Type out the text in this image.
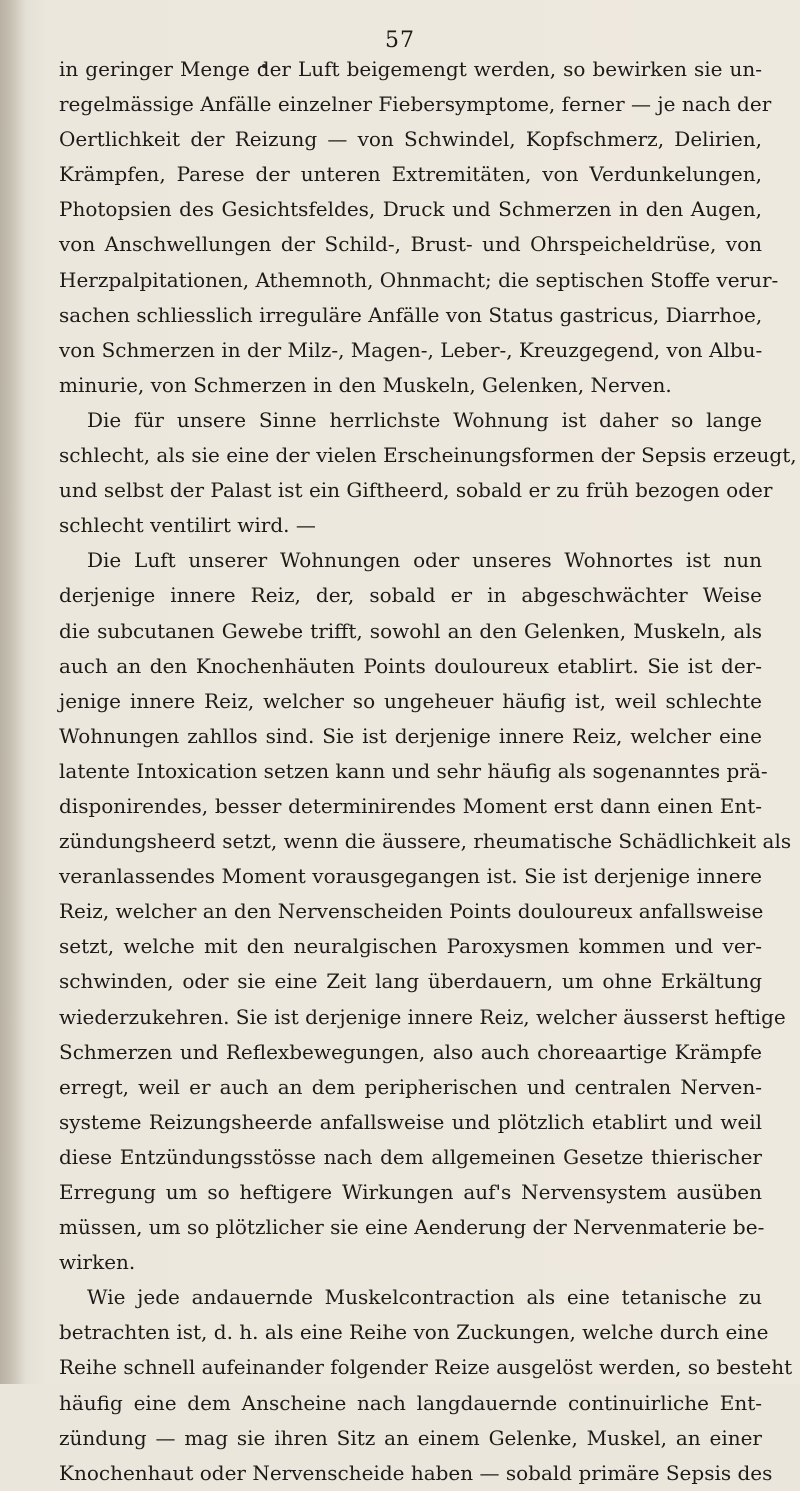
57
in geringer Menge der Luft beigemengt werden, so bewirken sie un-
regelmässige Anfälle einzelner Fiebersymptome, ferner — je nach der
Oertlichkeit der Reizung — von Schwindel, Kopfschmerz, Delirien,
Krämpfen, Parese der unteren Extremitäten, von Verdunkelungen,
Photopsien des Gesichtsfeldes, Druck und Schmerzen in den Augen,
von Anschwellungen der Schild-, Brust- und Ohrspeicheldrüse, von
Herzpalpitationen, Athemnoth, Ohnmacht; die septischen Stoffe verur-
sachen schliesslich irreguläre Anfälle von Status gastricus, Diarrhoe,
von Schmerzen in der Milz-, Magen-, Leber-, Kreuzgegend, von Albu-
minurie, von Schmerzen in den Muskeln, Gelenken, Nerven.
Die für unsere Sinne herrlichste Wohnung ist daher so lange
schlecht, als sie eine der vielen Erscheinungsformen der Sepsis erzeugt,
und selbst der Palast ist ein Giftheerd, sobald er zu früh bezogen oder
schlecht ventilirt wird. —
Die Luft unserer Wohnungen oder unseres Wohnortes ist nun
derjenige innere Reiz, der, sobald er in abgeschwächter Weise
die subcutanen Gewebe trifft, sowohl an den Gelenken, Muskeln, als
auch an den Knochenhäuten Points douloureux etablirt. Sie ist der-
jenige innere Reiz, welcher so ungeheuer häufig ist, weil schlechte
Wohnungen zahllos sind. Sie ist derjenige innere Reiz, welcher eine
latente Intoxication setzen kann und sehr häufig als sogenanntes prä-
disponirendes, besser determinirendes Moment erst dann einen Ent-
zündungsheerd setzt, wenn die äussere, rheumatische Schädlichkeit als
veranlassendes Moment vorausgegangen ist. Sie ist derjenige innere
Reiz, welcher an den Nervenscheiden Points douloureux anfallsweise
setzt, welche mit den neuralgischen Paroxysmen kommen und ver-
schwinden, oder sie eine Zeit lang überdauern, um ohne Erkältung
wiederzukehren. Sie ist derjenige innere Reiz, welcher äusserst heftige
Schmerzen und Reflexbewegungen, also auch choreaartige Krämpfe
erregt, weil er auch an dem peripherischen und centralen Nerven-
systeme Reizungsheerde anfallsweise und plötzlich etablirt und weil
diese Entzündungsstösse nach dem allgemeinen Gesetze thierischer
Erregung um so heftigere Wirkungen auf's Nervensystem ausüben
müssen, um so plötzlicher sie eine Aenderung der Nervenmaterie be-
wirken.
Wie jede andauernde Muskelcontraction als eine tetanische zu
betrachten ist, d. h. als eine Reihe von Zuckungen, welche durch eine
Reihe schnell aufeinander folgender Reize ausgelöst werden, so besteht
häufig eine dem Anscheine nach langdauernde continuirliche Ent-
zündung — mag sie ihren Sitz an einem Gelenke, Muskel, an einer
Knochenhaut oder Nervenscheide haben — sobald primäre Sepsis des
